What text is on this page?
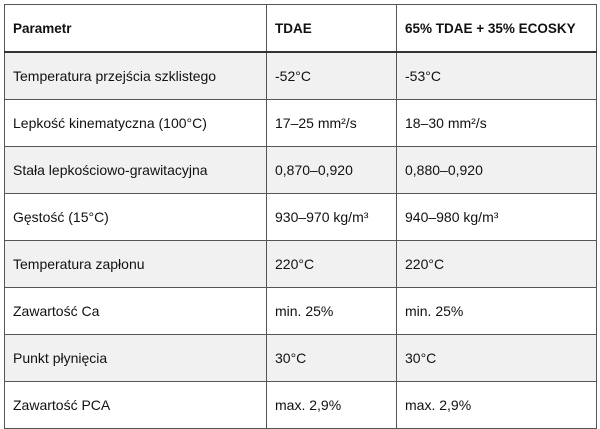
Parametr	TDAE	65% TDAE + 35% ECOSKY
Temperatura przejścia szklistego	-52°C	-53°C
Lepkość kinematyczna (100°C)	17–25 mm²/s	18–30 mm²/s
Stała lepkościowo-grawitacyjna	0,870–0,920	0,880–0,920
Gęstość (15°C)	930–970 kg/m³	940–980 kg/m³
Temperatura zapłonu	220°C	220°C
Zawartość Ca	min. 25%	min. 25%
Punkt płynięcia	30°C	30°C
Zawartość PCA	max. 2,9%	max. 2,9%
